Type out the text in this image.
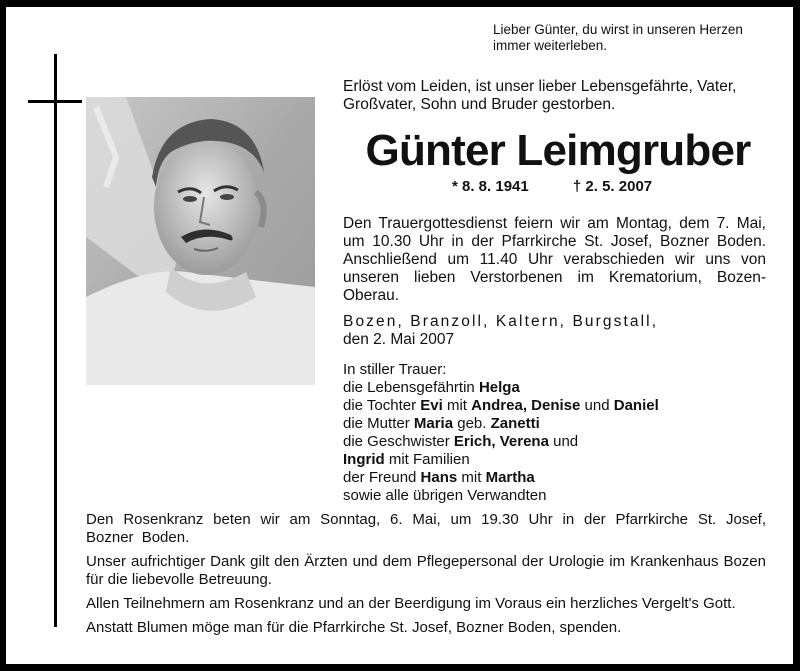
Lieber Günter, du wirst in unseren Herzen
immer weiterleben.
Erlöst vom Leiden, ist unser lieber Lebensgefährte, Vater,
Großvater, Sohn und Bruder gestorben.
Günter Leimgruber
* 8. 8. 1941	† 2. 5. 2007
Den Trauergottesdienst feiern wir am Montag, dem 7. Mai, um 10.30 Uhr in der Pfarrkirche St. Josef, Bozner Boden. Anschließend um 11.40 Uhr verabschieden wir uns von unseren lieben Verstorbenen im Krematorium, Bozen-Oberau.
Bozen, Branzoll, Kaltern, Burgstall,
den 2. Mai 2007
In stiller Trauer:
die Lebensgefährtin Helga
die Tochter Evi mit Andrea, Denise und Daniel
die Mutter Maria geb. Zanetti
die Geschwister Erich, Verena und
Ingrid mit Familien
der Freund Hans mit Martha
sowie alle übrigen Verwandten

Den Rosenkranz beten wir am Sonntag, 6. Mai, um 19.30 Uhr in der Pfarrkirche St. Josef, Bozner Boden.

Unser aufrichtiger Dank gilt den Ärzten und dem Pflegepersonal der Urologie im Krankenhaus Bozen für die liebevolle Betreuung.

Allen Teilnehmern am Rosenkranz und an der Beerdigung im Voraus ein herzliches Vergelt's Gott.

Anstatt Blumen möge man für die Pfarrkirche St. Josef, Bozner Boden, spenden.
